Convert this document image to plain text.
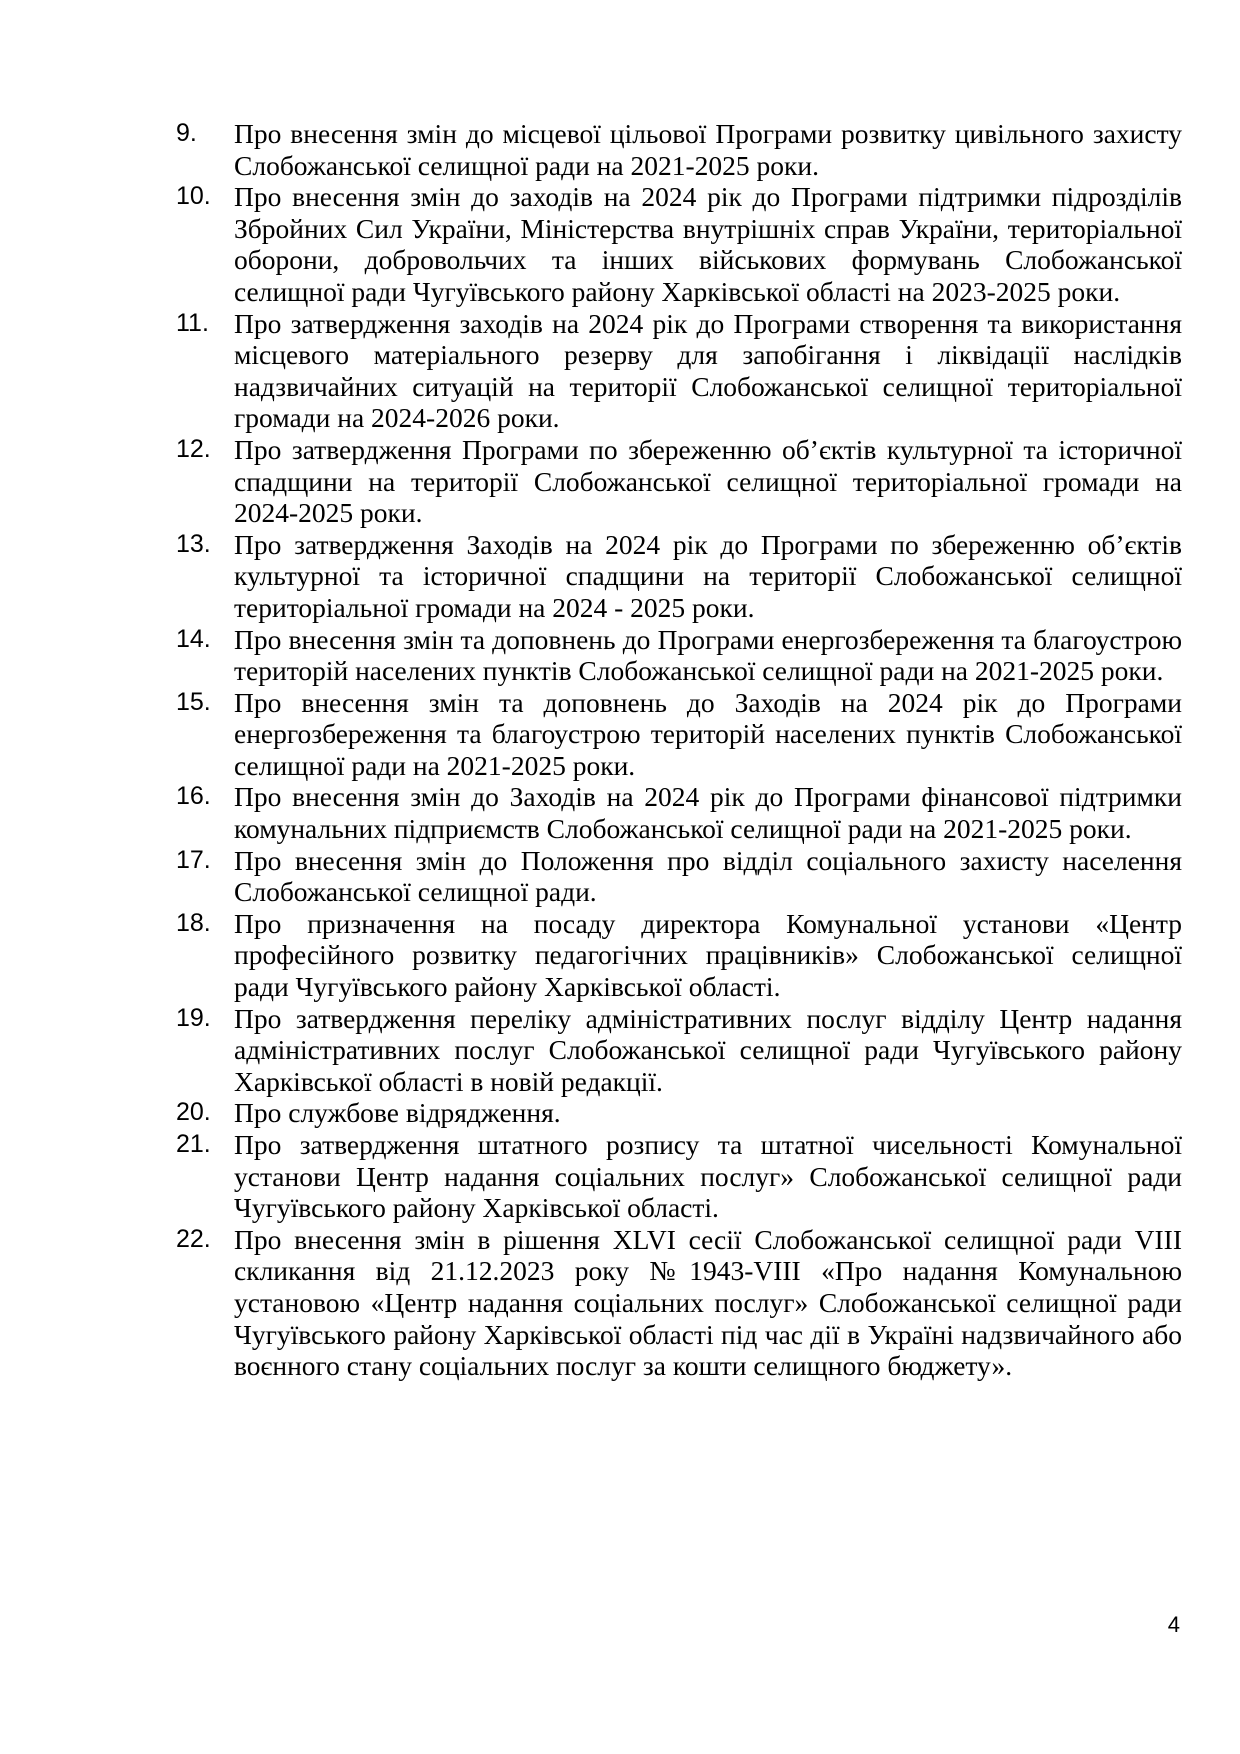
9.	Про внесення змін до місцевої цільової Програми розвитку цивільного захисту Слобожанської селищної ради на 2021-2025 роки.
10. Про внесення змін до заходів на 2024 рік до Програми підтримки підрозділів Збройних Сил України, Міністерства внутрішніх справ України, територіальної оборони, добровольчих та інших військових формувань Слобожанської селищної ради Чугуївського району Харківської області на 2023-2025 роки.
11. Про затвердження заходів на 2024 рік до Програми створення та використання місцевого матеріального резерву для запобігання і ліквідації наслідків надзвичайних ситуацій на території Слобожанської селищної територіальної громади на 2024-2026 роки.
12. Про затвердження Програми по збереженню об’єктів культурної та історичної спадщини на території Слобожанської селищної територіальної громади на 2024-2025 роки.
13. Про затвердження Заходів на 2024 рік до Програми по збереженню об’єктів культурної та історичної спадщини на території Слобожанської селищної територіальної громади на 2024 - 2025 роки.
14. Про внесення змін та доповнень до Програми енергозбереження та благоустрою територій населених пунктів Слобожанської селищної ради на 2021-2025 роки.
15. Про внесення змін та доповнень до Заходів на 2024 рік до Програми енергозбереження та благоустрою територій населених пунктів Слобожанської селищної ради на 2021-2025 роки.
16. Про внесення змін до Заходів на 2024 рік до Програми фінансової підтримки комунальних підприємств Слобожанської селищної ради на 2021-2025 роки.
17. Про внесення змін до Положення про відділ соціального захисту населення Слобожанської селищної ради.
18. Про призначення на посаду директора Комунальної установи «Центр професійного розвитку педагогічних працівників» Слобожанської селищної ради Чугуївського району Харківської області.
19. Про затвердження переліку адміністративних послуг відділу Центр надання адміністративних послуг Слобожанської селищної ради Чугуївського району Харківської області в новій редакції.
20. Про службове відрядження.
21. Про затвердження штатного розпису та штатної чисельності Комунальної установи Центр надання соціальних послуг» Слобожанської селищної ради Чугуївського району Харківської області.
22. Про внесення змін в рішення XLVI сесії Слобожанської селищної ради VIII скликання від 21.12.2023 року №1943-VIII «Про надання Комунальною установою «Центр надання соціальних послуг» Слобожанської селищної ради Чугуївського району Харківської області під час дії в Україні надзвичайного або воєнного стану соціальних послуг за кошти селищного бюджету».
4
